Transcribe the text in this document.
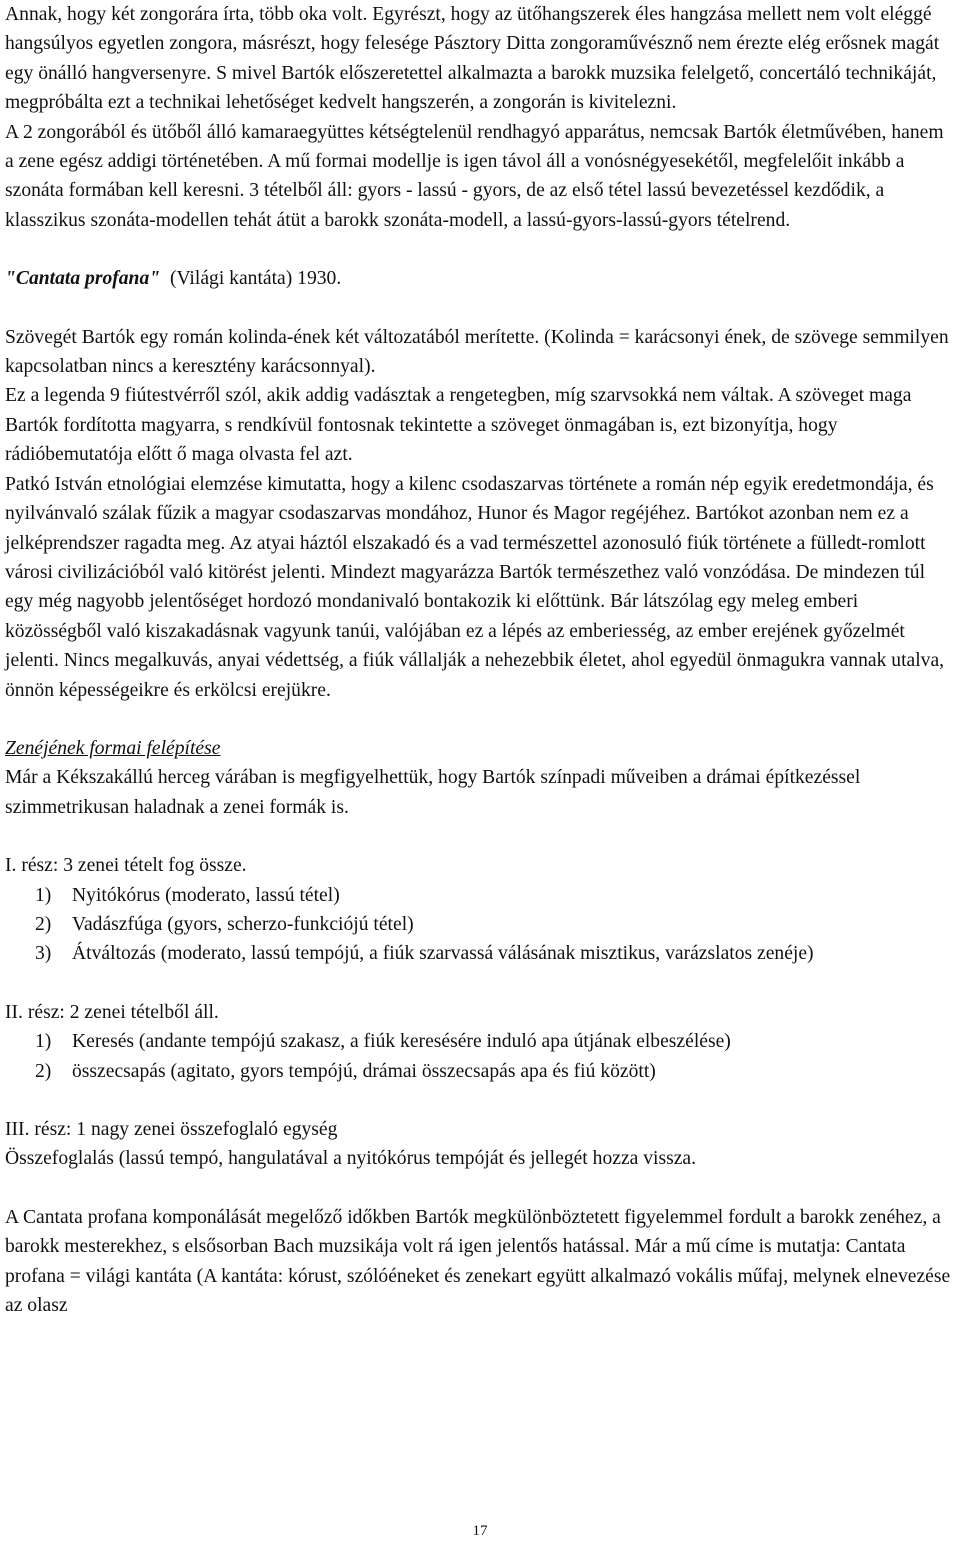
Annak, hogy két zongorára írta, több oka volt. Egyrészt, hogy az ütőhangszerek éles hangzása mellett nem volt eléggé hangsúlyos egyetlen zongora, másrészt, hogy felesége Pásztory Ditta zongoraművésznő nem érezte elég erősnek magát egy önálló hangversenyre. S mivel Bartók előszeretettel alkalmazta a barokk muzsika felelgető, concertáló technikáját, megpróbálta ezt a technikai lehetőséget kedvelt hangszerén, a zongorán is kivitelezni.

A 2 zongorából és ütőből álló kamaraegyüttes kétségtelenül rendhagyó apparátus, nemcsak Bartók életművében, hanem a zene egész addigi történetében. A mű formai modellje is igen távol áll a vonósnégyesekétől, megfelelőit inkább a szonáta formában kell keresni. 3 tételből áll: gyors - lassú - gyors, de az első tétel lassú bevezetéssel kezdődik, a klasszikus szonáta-modellen tehát átüt a barokk szonáta-modell, a lassú-gyors-lassú-gyors tételrend.

"Cantata profana" (Világi kantáta) 1930.

Szövegét Bartók egy román kolinda-ének két változatából merítette. (Kolinda = karácsonyi ének, de szövege semmilyen kapcsolatban nincs a keresztény karácsonnyal).

Ez a legenda 9 fiútestvérről szól, akik addig vadásztak a rengetegben, míg szarvsokká nem váltak. A szöveget maga Bartók fordította magyarra, s rendkívül fontosnak tekintette a szöveget önmagában is, ezt bizonyítja, hogy rádióbemutatója előtt ő maga olvasta fel azt.

Patkó István etnológiai elemzése kimutatta, hogy a kilenc csodaszarvas története a román nép egyik eredetmondája, és nyilvánvaló szálak fűzik a magyar csodaszarvas mondához, Hunor és Magor regéjéhez. Bartókot azonban nem ez a jelképrendszer ragadta meg. Az atyai háztól elszakadó és a vad természettel azonosuló fiúk története a fülledt-romlott városi civilizációból való kitörést jelenti. Mindezt magyarázza Bartók természethez való vonzódása. De mindezen túl egy még nagyobb jelentőséget hordozó mondanivaló bontakozik ki előttünk. Bár látszólag egy meleg emberi közösségből való kiszakadásnak vagyunk tanúi, valójában ez a lépés az emberiesség, az ember erejének győzelmét jelenti. Nincs megalkuvás, anyai védettség, a fiúk vállalják a nehezebbik életet, ahol egyedül önmagukra vannak utalva, önnön képességeikre és erkölcsi erejükre.

Zenéjének formai felépítése

Már a Kékszakállú herceg várában is megfigyelhettük, hogy Bartók színpadi műveiben a drámai építkezéssel szimmetrikusan haladnak a zenei formák is.

I. rész: 3 zenei tételt fog össze.

1)	Nyitókórus (moderato, lassú tétel)
2)	Vadászfúga (gyors, scherzo-funkciójú tétel)
3)	Átváltozás (moderato, lassú tempójú, a fiúk szarvassá válásának misztikus, varázslatos zenéje)

II. rész: 2 zenei tételből áll.

1)	Keresés (andante tempójú szakasz, a fiúk keresésére induló apa útjának elbeszélése)
2)	összecsapás (agitato, gyors tempójú, drámai összecsapás apa és fiú között)

III. rész: 1 nagy zenei összefoglaló egység

Összefoglalás (lassú tempó, hangulatával a nyitókórus tempóját és jellegét hozza vissza.

A Cantata profana komponálását megelőző időkben Bartók megkülönböztetett figyelemmel fordult a barokk zenéhez, a barokk mesterekhez, s elsősorban Bach muzsikája volt rá igen jelentős hatással. Már a mű címe is mutatja: Cantata profana = világi kantáta (A kantáta: kórust, szólóéneket és zenekart együtt alkalmazó vokális műfaj, melynek elnevezése az olasz

17
